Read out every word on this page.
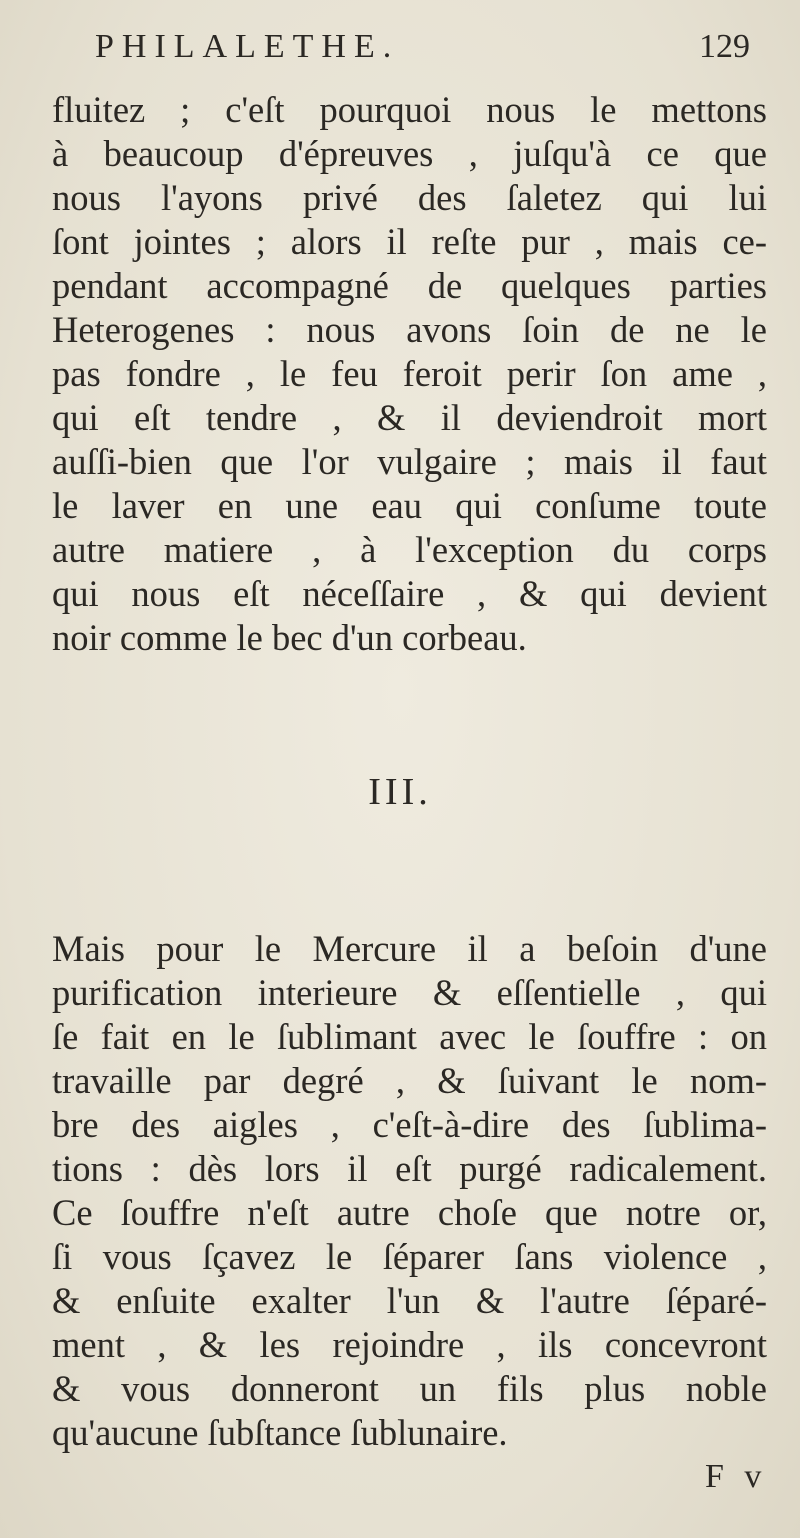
PHILALETHE.	129

fluitez ; c'eſt pourquoi nous le mettons
à beaucoup d'épreuves , juſqu'à ce que
nous l'ayons privé des ſaletez qui lui
ſont jointes ; alors il reſte pur , mais ce-
pendant accompagné de quelques parties
Heterogenes : nous avons ſoin de ne le
pas fondre , le feu feroit perir ſon ame ,
qui eſt tendre , & il deviendroit mort
auſſi-bien que l'or vulgaire ; mais il faut
le laver en une eau qui conſume toute
autre matiere , à l'exception du corps
qui nous eſt néceſſaire , & qui devient
noir comme le bec d'un corbeau.

III.

Mais pour le Mercure il a beſoin d'une
purification interieure & eſſentielle , qui
ſe fait en le ſublimant avec le ſouffre : on
travaille par degré , & ſuivant le nom-
bre des aigles , c'eſt-à-dire des ſublima-
tions : dès lors il eſt purgé radicalement.
Ce ſouffre n'eſt autre choſe que notre or,
ſi vous ſçavez le ſéparer ſans violence ,
& enſuite exalter l'un & l'autre ſéparé-
ment , & les rejoindre , ils concevront
& vous donneront un fils plus noble
qu'aucune ſubſtance ſublunaire.

F v
